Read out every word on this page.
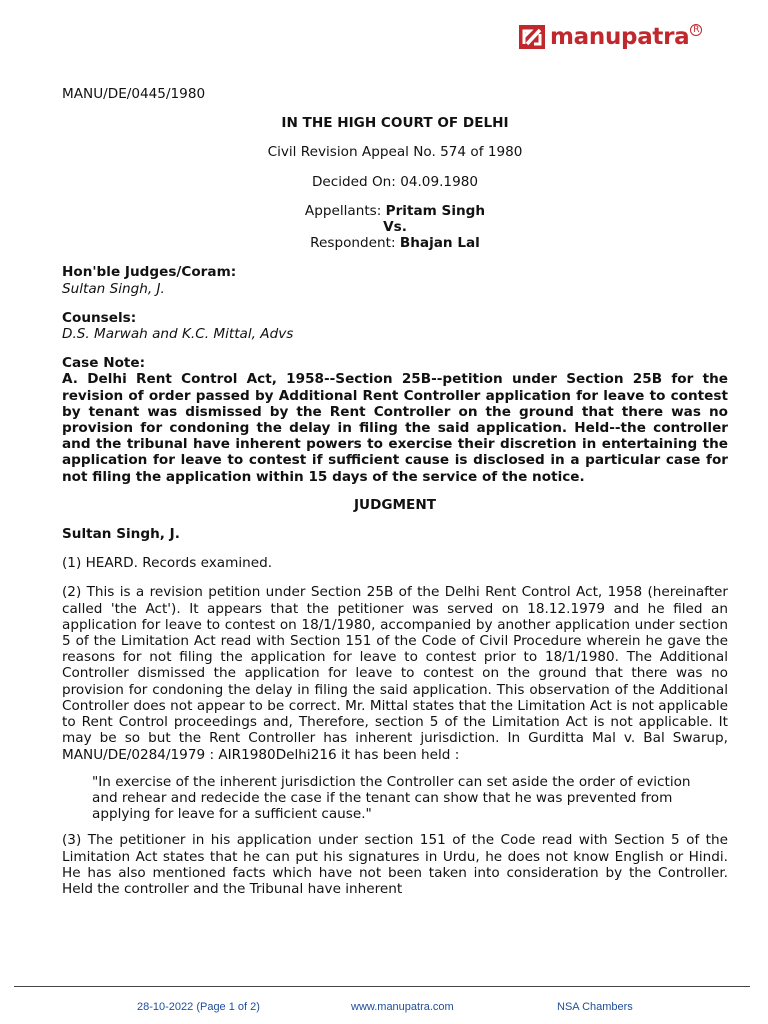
manupatra R

MANU/DE/0445/1980

IN THE HIGH COURT OF DELHI

Civil Revision Appeal No. 574 of 1980

Decided On: 04.09.1980

Appellants: Pritam Singh

Vs.

Respondent: Bhajan Lal

Hon'ble Judges/Coram:

Sultan Singh, J.

Counsels:

D.S. Marwah and K.C. Mittal, Advs

Case Note:

A. Delhi Rent Control Act, 1958--Section 25B--petition under Section 25B for the revision of order passed by Additional Rent Controller application for leave to contest by tenant was dismissed by the Rent Controller on the ground that there was no provision for condoning the delay in filing the said application. Held--the controller and the tribunal have inherent powers to exercise their discretion in entertaining the application for leave to contest if sufficient cause is disclosed in a particular case for not filing the application within 15 days of the service of the notice.

JUDGMENT

Sultan Singh, J.

(1) HEARD. Records examined.

(2) This is a revision petition under Section 25B of the Delhi Rent Control Act, 1958 (hereinafter called 'the Act'). It appears that the petitioner was served on 18.12.1979 and he filed an application for leave to contest on 18/1/1980, accompanied by another application under section 5 of the Limitation Act read with Section 151 of the Code of Civil Procedure wherein he gave the reasons for not filing the application for leave to contest prior to 18/1/1980. The Additional Controller dismissed the application for leave to contest on the ground that there was no provision for condoning the delay in filing the said application. This observation of the Additional Controller does not appear to be correct. Mr. Mittal states that the Limitation Act is not applicable to Rent Control proceedings and, Therefore, section 5 of the Limitation Act is not applicable. It may be so but the Rent Controller has inherent jurisdiction. In Gurditta Mal v. Bal Swarup, MANU/DE/0284/1979 : AIR1980Delhi216 it has been held :

"In exercise of the inherent jurisdiction the Controller can set aside the order of eviction and rehear and redecide the case if the tenant can show that he was prevented from applying for leave for a sufficient cause."

(3) The petitioner in his application under section 151 of the Code read with Section 5 of the Limitation Act states that he can put his signatures in Urdu, he does not know English or Hindi. He has also mentioned facts which have not been taken into consideration by the Controller. Held the controller and the Tribunal have inherent

28-10-2022 (Page 1 of 2)	www.manupatra.com	NSA Chambers
